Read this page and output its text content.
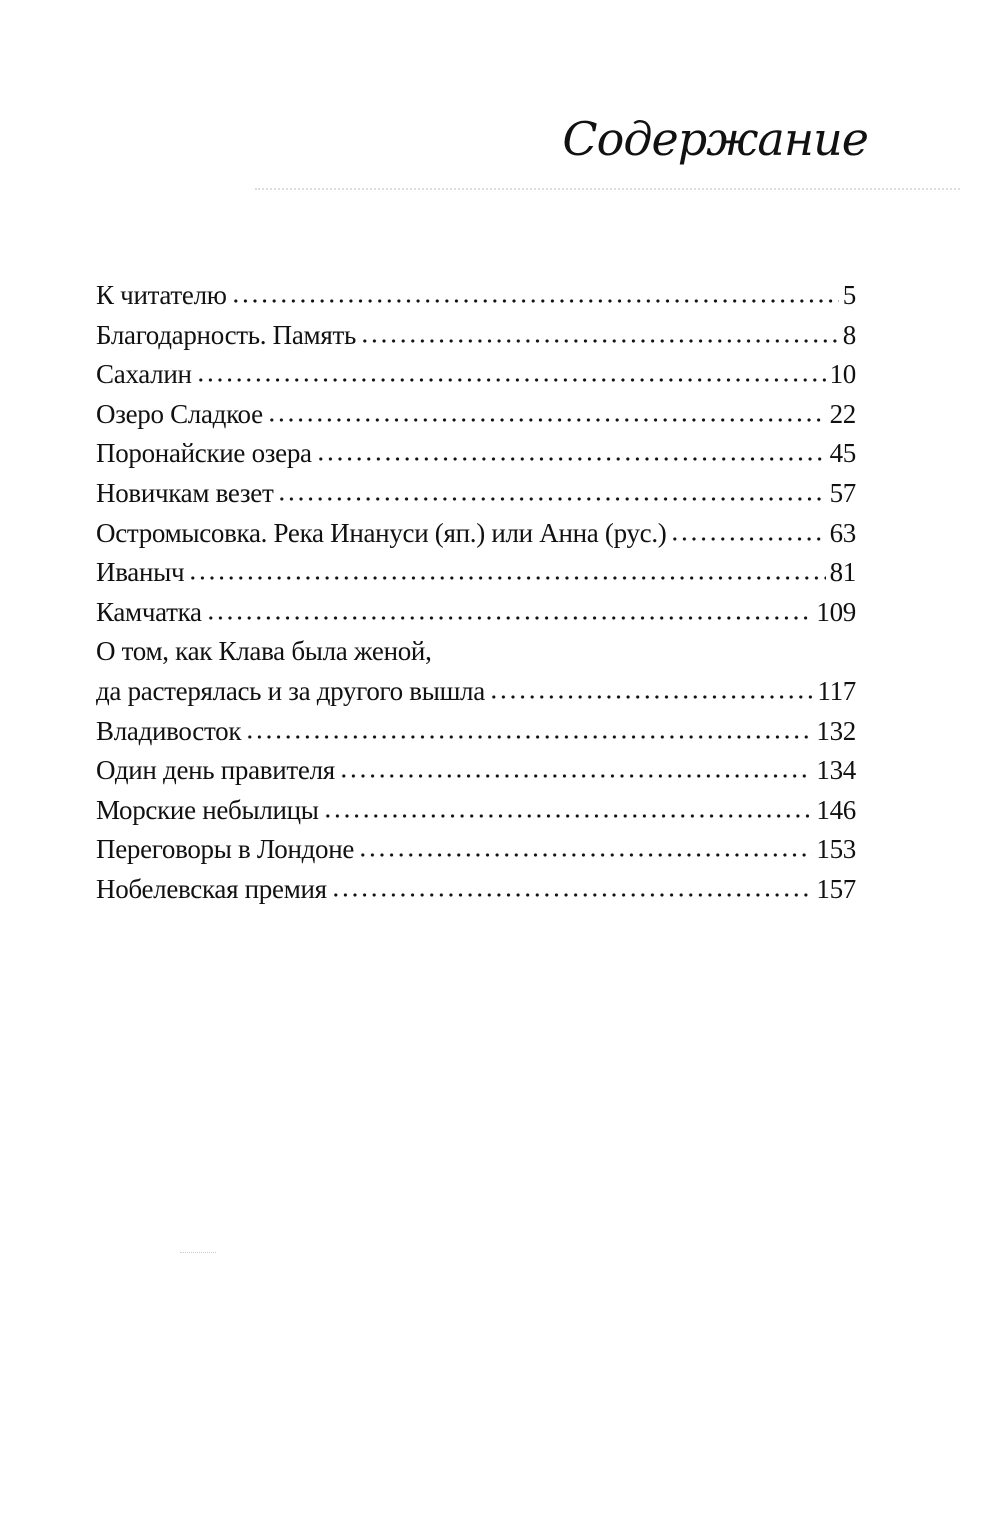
Содержание
К читателю	5
Благодарность. Память	8
Сахалин	10
Озеро Сладкое	22
Поронайские озера	45
Новичкам везет	57
Остромысовка. Река Инануси (яп.) или Анна (рус.)	63
Иваныч	81
Камчатка	109
О том, как Клава была женой,
да растерялась и за другого вышла	117
Владивосток	132
Один день правителя	134
Морские небылицы	146
Переговоры в Лондоне	153
Нобелевская премия	157
